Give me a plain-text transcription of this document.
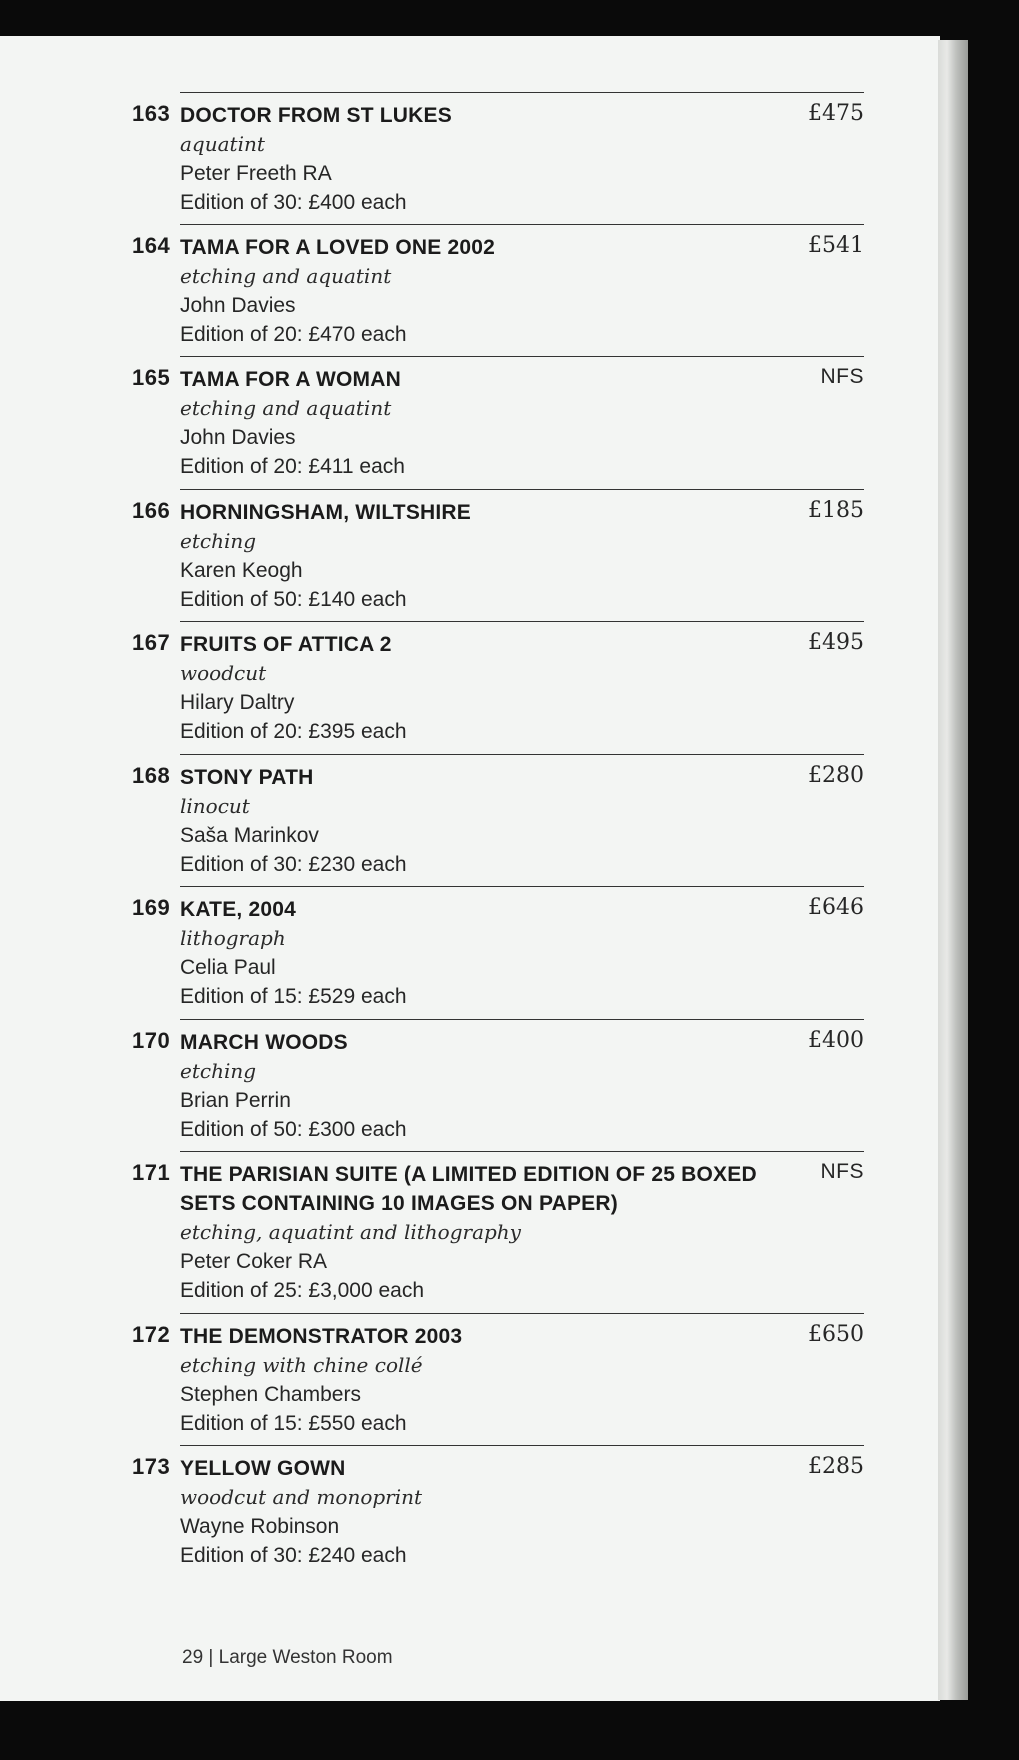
163 DOCTOR FROM ST LUKES
aquatint
Peter Freeth RA
Edition of 30: £400 each
£475
164 TAMA FOR A LOVED ONE 2002
etching and aquatint
John Davies
Edition of 20: £470 each
£541
165 TAMA FOR A WOMAN
etching and aquatint
John Davies
Edition of 20: £411 each
NFS
166 HORNINGSHAM, WILTSHIRE
etching
Karen Keogh
Edition of 50: £140 each
£185
167 FRUITS OF ATTICA 2
woodcut
Hilary Daltry
Edition of 20: £395 each
£495
168 STONY PATH
linocut
Saša Marinkov
Edition of 30: £230 each
£280
169 KATE, 2004
lithograph
Celia Paul
Edition of 15: £529 each
£646
170 MARCH WOODS
etching
Brian Perrin
Edition of 50: £300 each
£400
171 THE PARISIAN SUITE (A LIMITED EDITION OF 25 BOXED SETS CONTAINING 10 IMAGES ON PAPER)
etching, aquatint and lithography
Peter Coker RA
Edition of 25: £3,000 each
NFS
172 THE DEMONSTRATOR 2003
etching with chine collé
Stephen Chambers
Edition of 15: £550 each
£650
173 YELLOW GOWN
woodcut and monoprint
Wayne Robinson
Edition of 30: £240 each
£285
29 | Large Weston Room
